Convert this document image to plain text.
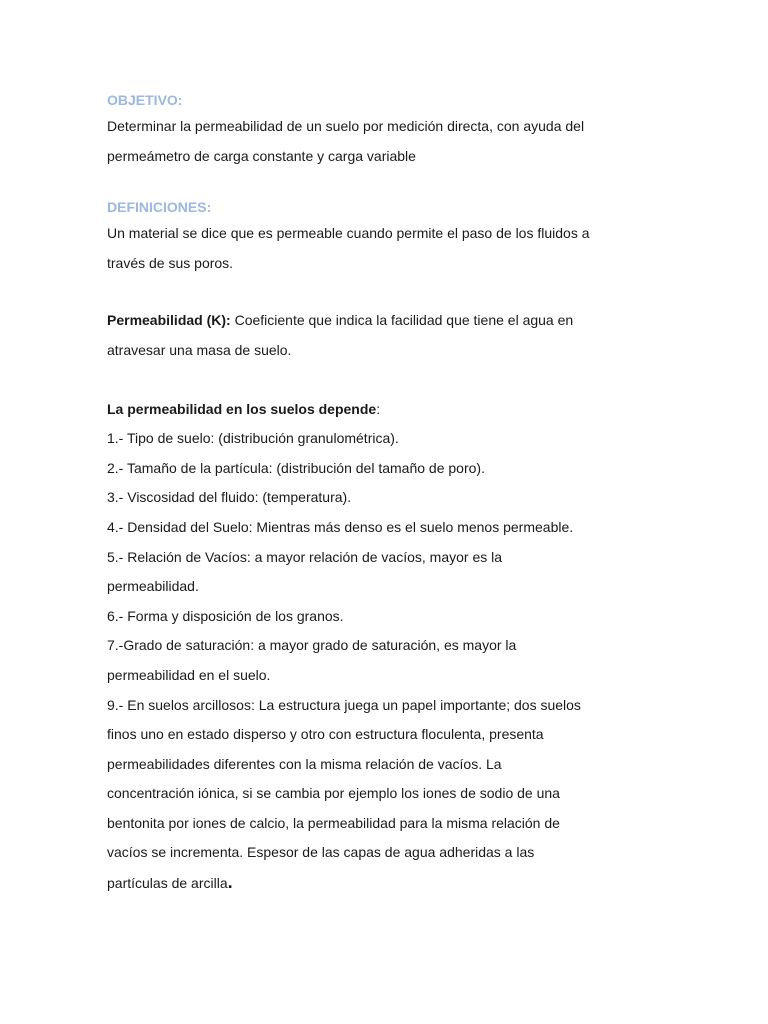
OBJETIVO:

Determinar la permeabilidad de un suelo por medición directa, con ayuda del

permeámetro de carga constante y carga variable

DEFINICIONES:

Un material se dice que es permeable cuando permite el paso de los fluidos a

través de sus poros.

Permeabilidad (K): Coeficiente que indica la facilidad que tiene el agua en

atravesar una masa de suelo.

La permeabilidad en los suelos depende:

1.- Tipo de suelo: (distribución granulométrica).

2.- Tamaño de la partícula: (distribución del tamaño de poro).

3.- Viscosidad del fluido: (temperatura).

4.- Densidad del Suelo: Mientras más denso es el suelo menos permeable.

5.- Relación de Vacíos: a mayor relación de vacíos, mayor es la

permeabilidad.

6.- Forma y disposición de los granos.

7.-Grado de saturación: a mayor grado de saturación, es mayor la

permeabilidad en el suelo.

9.- En suelos arcillosos: La estructura juega un papel importante; dos suelos

finos uno en estado disperso y otro con estructura floculenta, presenta

permeabilidades diferentes con la misma relación de vacíos. La

concentración iónica, si se cambia por ejemplo los iones de sodio de una

bentonita por iones de calcio, la permeabilidad para la misma relación de

vacíos se incrementa. Espesor de las capas de agua adheridas a las

partículas de arcilla.
